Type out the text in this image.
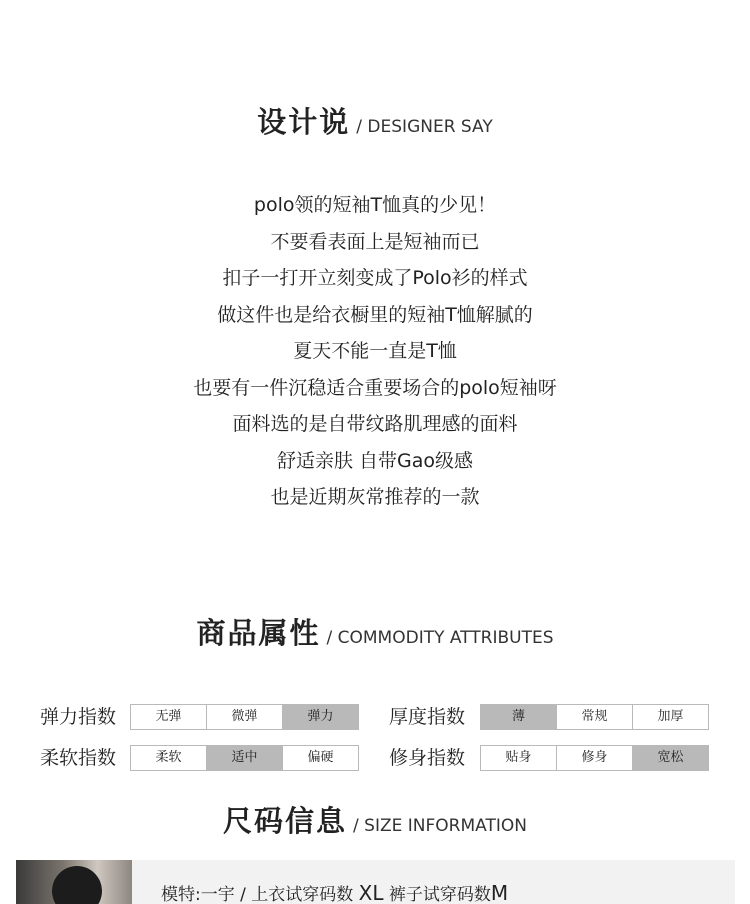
设计说 / DESIGNER SAY
polo领的短袖T恤真的少见！
不要看表面上是短袖而已
扣子一打开立刻变成了Polo衫的样式
做这件也是给衣橱里的短袖T恤解腻的
夏天不能一直是T恤
也要有一件沉稳适合重要场合的polo短袖呀
面料选的是自带纹路肌理感的面料
舒适亲肤 自带Gao级感
也是近期灰常推荐的一款
商品属性 / COMMODITY ATTRIBUTES
弹力指数	无弹	微弹	弹力	厚度指数	薄	常规	加厚
柔软指数	柔软	适中	偏硬	修身指数	贴身	修身	宽松
尺码信息 / SIZE INFORMATION
模特:一宇 / 上衣试穿码数 XL 裤子试穿码数M
